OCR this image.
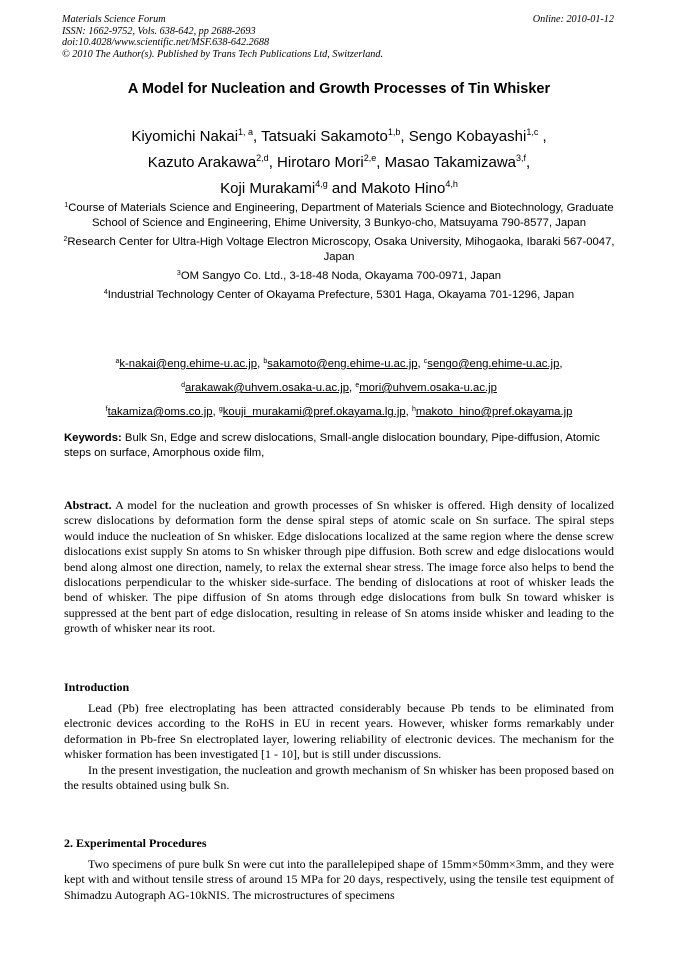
Materials Science Forum	Online: 2010-01-12
ISSN: 1662-9752, Vols. 638-642, pp 2688-2693
doi:10.4028/www.scientific.net/MSF.638-642.2688
© 2010 The Author(s). Published by Trans Tech Publications Ltd, Switzerland.
A Model for Nucleation and Growth Processes of Tin Whisker
Kiyomichi Nakai$^{1, a}$, Tatsuaki Sakamoto$^{1,b}$, Sengo Kobayashi$^{1,c}$ ,
Kazuto Arakawa$^{2,d}$, Hirotaro Mori$^{2,e}$, Masao Takamizawa$^{3,f}$,
Koji Murakami$^{4,g}$ and Makoto Hino$^{4,h}$
$^1$Course of Materials Science and Engineering, Department of Materials Science and Biotechnology, Graduate School of Science and Engineering, Ehime University, 3 Bunkyo-cho, Matsuyama 790-8577, Japan
$^2$Research Center for Ultra-High Voltage Electron Microscopy, Osaka University, Mihogaoka, Ibaraki 567-0047, Japan
$^3$OM Sangyo Co. Ltd., 3-18-48 Noda, Okayama 700-0971, Japan
$^4$Industrial Technology Center of Okayama Prefecture, 5301 Haga, Okayama 701-1296, Japan
$^a$k-nakai@eng.ehime-u.ac.jp, $^b$sakamoto@eng.ehime-u.ac.jp, $^c$sengo@eng.ehime-u.ac.jp,
$^d$arakawak@uhvem.osaka-u.ac.jp, $^e$mori@uhvem.osaka-u.ac.jp
$^f$takamiza@oms.co.jp, $^g$kouji_murakami@pref.okayama.lg.jp, $^h$makoto_hino@pref.okayama.jp
Keywords: Bulk Sn, Edge and screw dislocations, Small-angle dislocation boundary, Pipe-diffusion, Atomic steps on surface, Amorphous oxide film,
Abstract. A model for the nucleation and growth processes of Sn whisker is offered. High density of localized screw dislocations by deformation form the dense spiral steps of atomic scale on Sn surface. The spiral steps would induce the nucleation of Sn whisker. Edge dislocations localized at the same region where the dense screw dislocations exist supply Sn atoms to Sn whisker through pipe diffusion. Both screw and edge dislocations would bend along almost one direction, namely, to relax the external shear stress. The image force also helps to bend the dislocations perpendicular to the whisker side-surface. The bending of dislocations at root of whisker leads the bend of whisker. The pipe diffusion of Sn atoms through edge dislocations from bulk Sn toward whisker is suppressed at the bent part of edge dislocation, resulting in release of Sn atoms inside whisker and leading to the growth of whisker near its root.
Introduction

Lead (Pb) free electroplating has been attracted considerably because Pb tends to be eliminated from electronic devices according to the RoHS in EU in recent years. However, whisker forms remarkably under deformation in Pb-free Sn electroplated layer, lowering reliability of electronic devices. The mechanism for the whisker formation has been investigated [1 - 10], but is still under discussions.

In the present investigation, the nucleation and growth mechanism of Sn whisker has been proposed based on the results obtained using bulk Sn.

2. Experimental Procedures

Two specimens of pure bulk Sn were cut into the parallelepiped shape of 15mm×50mm×3mm, and they were kept with and without tensile stress of around 15 MPa for 20 days, respectively, using the tensile test equipment of Shimadzu Autograph AG-10kNIS. The microstructures of specimens
